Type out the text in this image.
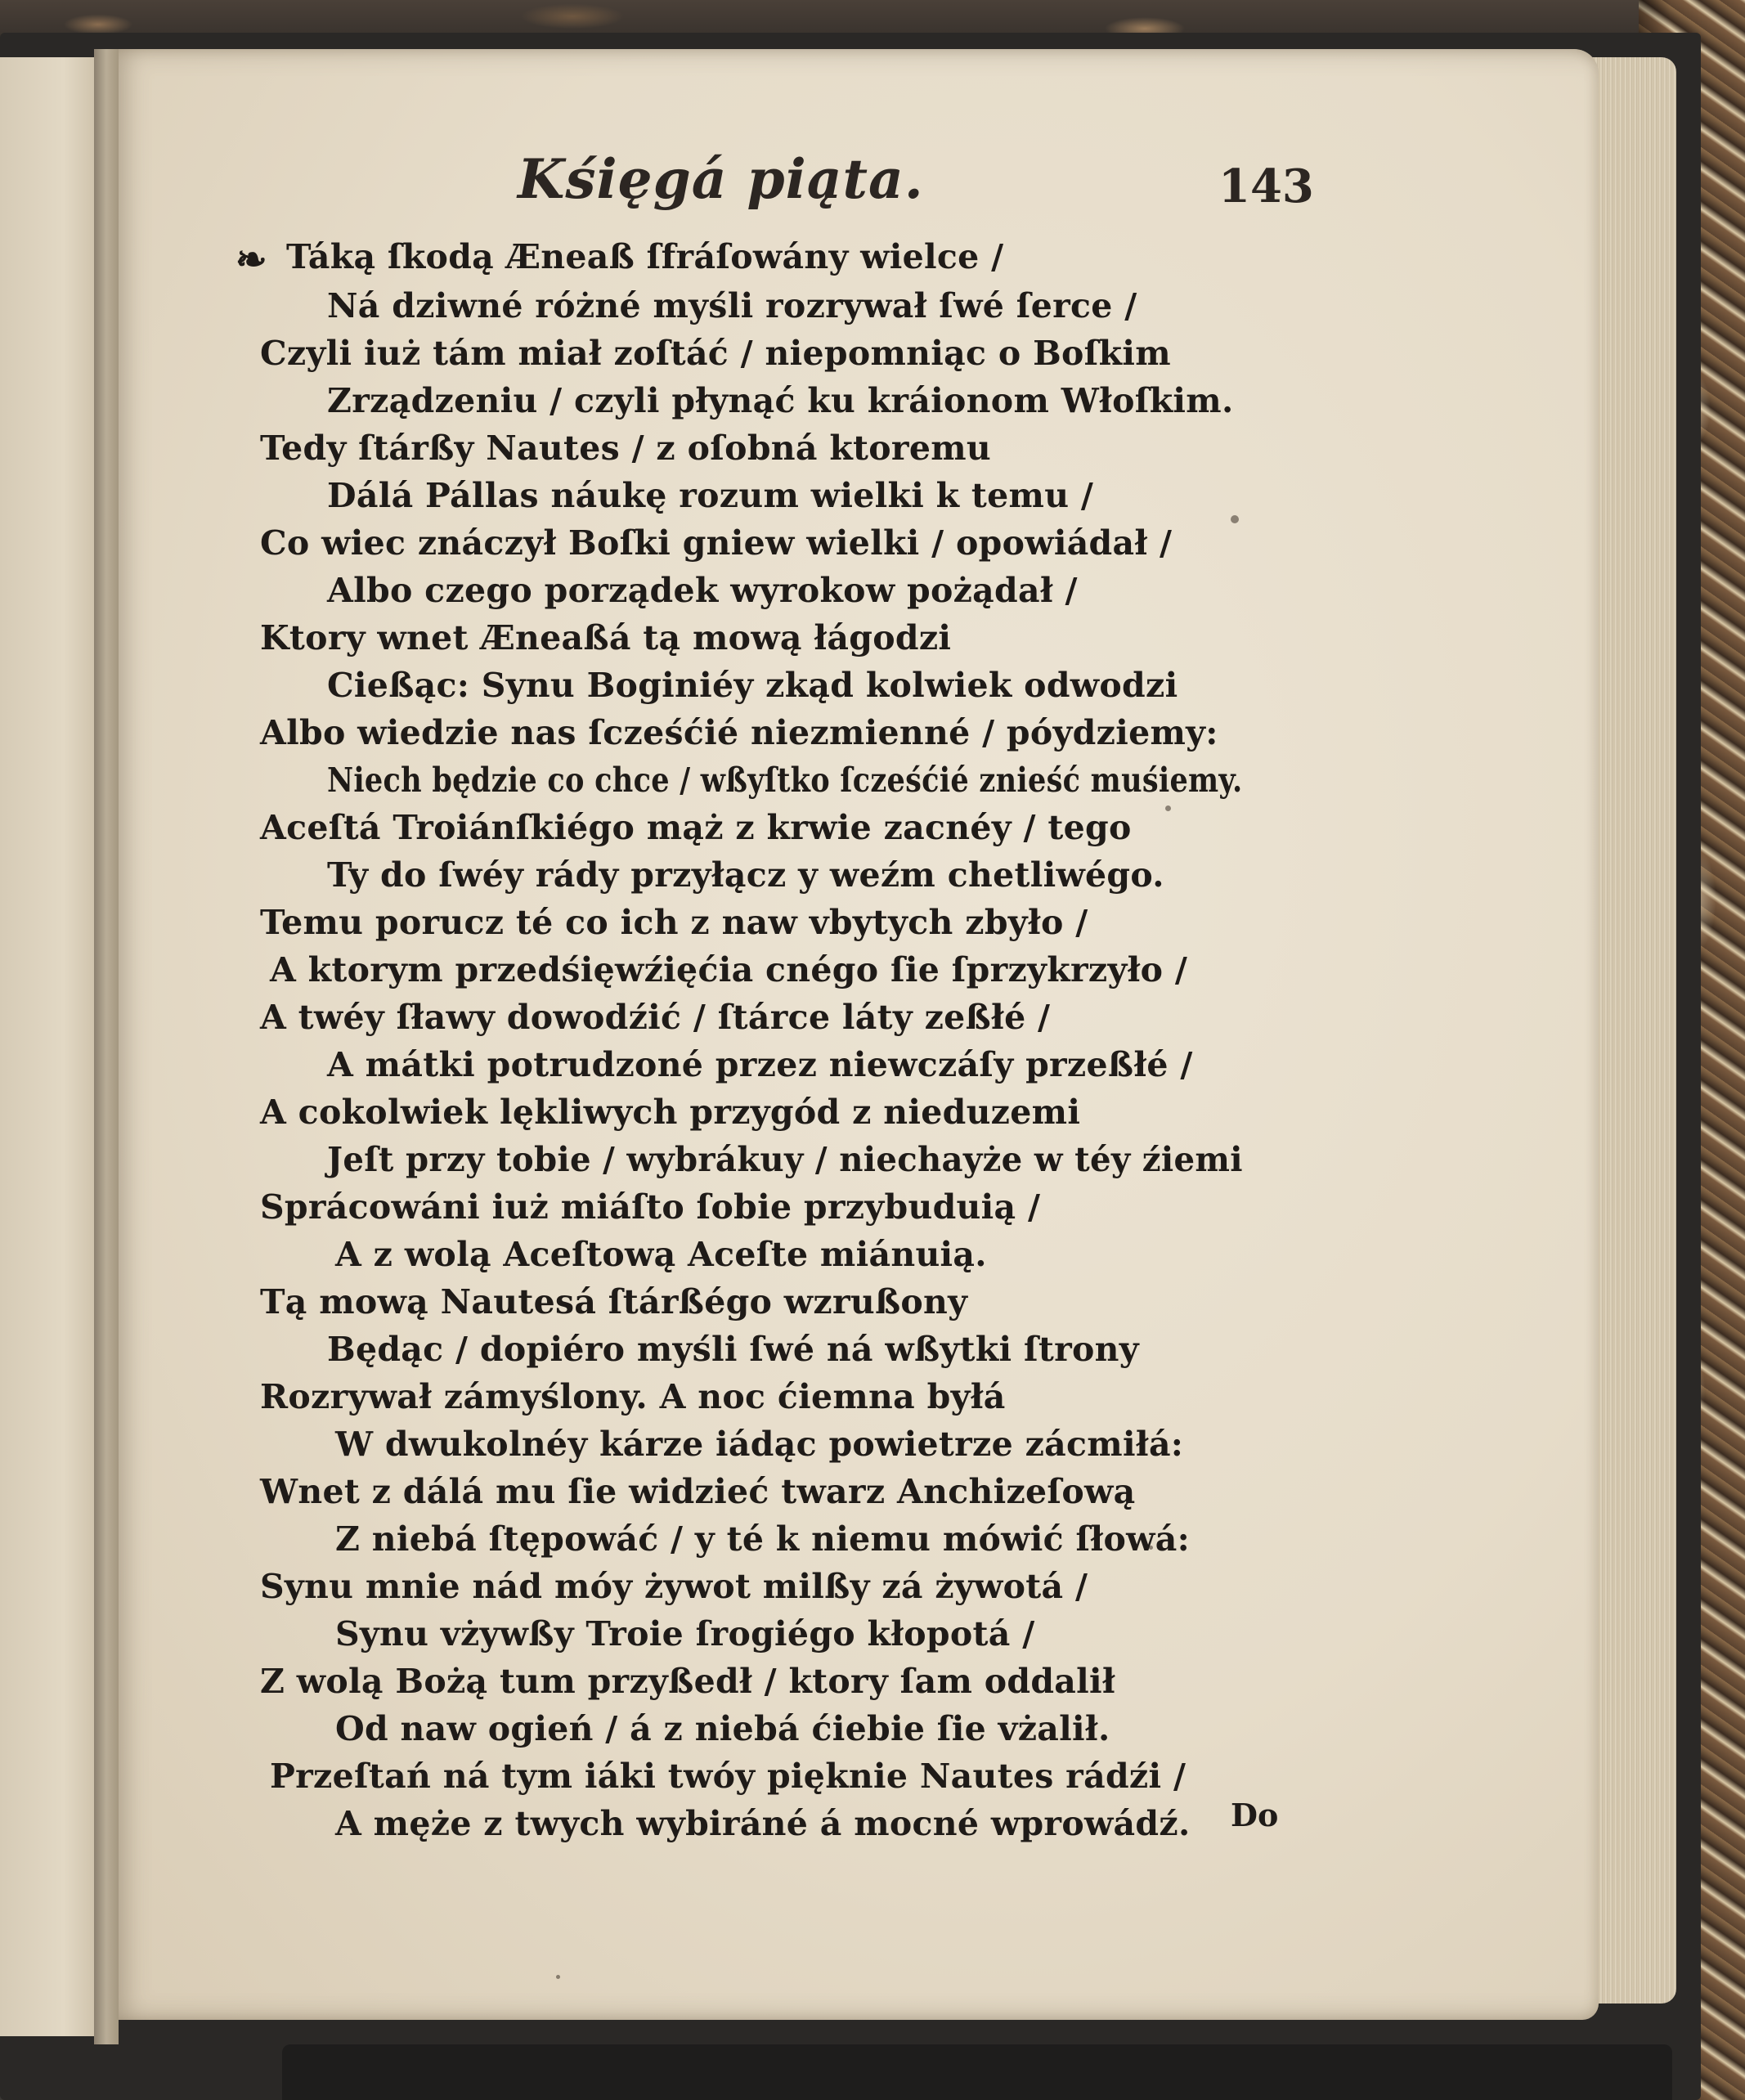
Kśięgá piąta.	143
❧ Táką ſkodą Æneaß ſfráſowány wielce /
Ná dziwné różné myśli rozrywał ſwé ſerce /
Czyli iuż tám miał zoſtáć / niepomniąc o Boſkim
Zrządzeniu / czyli płynąć ku kráionom Włoſkim.
Tedy ſtárßy Nautes / z oſobná ktoremu
Dálá Pállas náukę rozum wielki k temu /
Co wiec znáczył Boſki gniew wielki / opowiádał /
Albo czego porządek wyrokow pożądał /
Ktory wnet Æneaßá tą mową łágodzi
Cießąc: Synu Boginiéy zkąd kolwiek odwodzi
Albo wiedzie nas ſcześćié niezmienné / póydziemy:
Niech będzie co chce / wßyſtko ſcześćié znieść muśiemy.
Aceſtá Troiánſkiégo mąż z krwie zacnéy / tego
Ty do ſwéy rády przyłącz y weźm chetliwégo.
Temu porucz té co ich z naw vbytych zbyło /
A ktorym przedśięwźięćia cnégo ſie ſprzykrzyło /
A twéy ſławy dowodźić / ſtárce láty zeßłé /
A mátki potrudzoné przez niewczáſy przeßłé /
A cokolwiek lękliwych przygód z nieduzemi
Jeſt przy tobie / wybrákuy / niechayże w téy źiemi
Sprácowáni iuż miáſto ſobie przybuduią /
A z wolą Aceſtową Aceſte miánuią.
Tą mową Nautesá ſtárßégo wzrußony
Będąc / dopiéro myśli ſwé ná wßytki ſtrony
Rozrywał zámyślony. A noc ćiemna byłá
W dwukolnéy kárze iádąc powietrze zácmiłá:
Wnet z dálá mu ſie widzieć twarz Anchizeſową
Z niebá ſtępowáć / y té k niemu mówić ſłowá:
Synu mnie nád móy żywot milßy zá żywotá /
Synu vżywßy Troie ſrogiégo kłopotá /
Z wolą Bożą tum przyßedł / ktory ſam oddalił
Od naw ogień / á z niebá ćiebie ſie vżalił.
Przeſtań ná tym iáki twóy pięknie Nautes rádźi /
A męże z twych wybiráné á mocné wprowádź. Do
